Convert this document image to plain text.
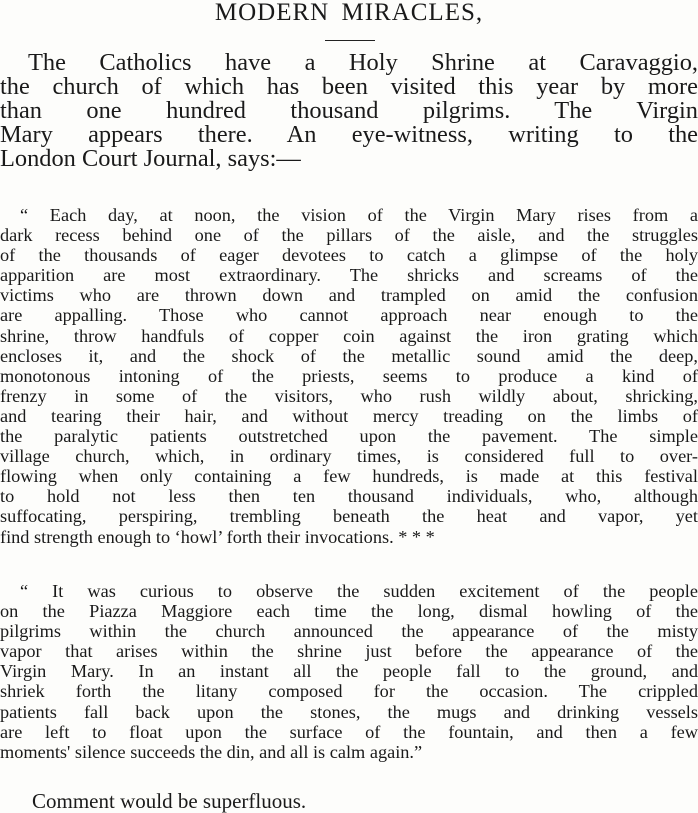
MODERN MIRACLES,
The Catholics have a Holy Shrine at Caravaggio,
the church of which has been visited this year by more
than one hundred thousand pilgrims. The Virgin
Mary appears there. An eye-witness, writing to the
London Court Journal, says:—
“ Each day, at noon, the vision of the Virgin Mary rises from a
dark recess behind one of the pillars of the aisle, and the struggles
of the thousands of eager devotees to catch a glimpse of the holy
apparition are most extraordinary. The shricks and screams of the
victims who are thrown down and trampled on amid the confusion
are appalling. Those who cannot approach near enough to the
shrine, throw handfuls of copper coin against the iron grating which
encloses it, and the shock of the metallic sound amid the deep,
monotonous intoning of the priests, seems to produce a kind of
frenzy in some of the visitors, who rush wildly about, shricking,
and tearing their hair, and without mercy treading on the limbs of
the paralytic patients outstretched upon the pavement. The simple
village church, which, in ordinary times, is considered full to over-
flowing when only containing a few hundreds, is made at this festival
to hold not less then ten thousand individuals, who, although
suffocating, perspiring, trembling beneath the heat and vapor, yet
find strength enough to ‘howl’ forth their invocations. * * *
“ It was curious to observe the sudden excitement of the people
on the Piazza Maggiore each time the long, dismal howling of the
pilgrims within the church announced the appearance of the misty
vapor that arises within the shrine just before the appearance of the
Virgin Mary. In an instant all the people fall to the ground, and
shriek forth the litany composed for the occasion. The crippled
patients fall back upon the stones, the mugs and drinking vessels
are left to float upon the surface of the fountain, and then a few
moments' silence succeeds the din, and all is calm again.”
Comment would be superfluous.
